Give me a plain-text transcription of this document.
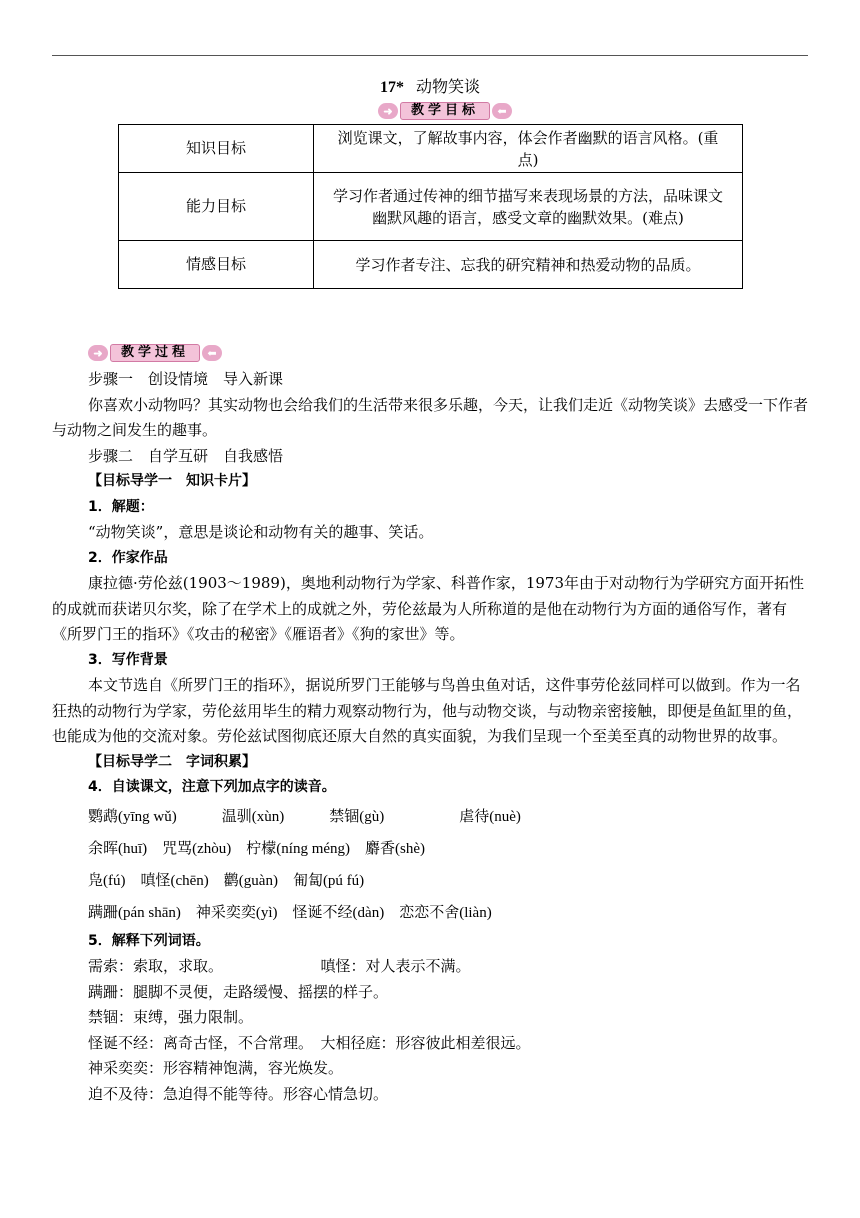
17* 动物笑谈
➜	教学目标	⬅
知识目标	浏览课文，了解故事内容，体会作者幽默的语言风格。(重点)
能力目标	学习作者通过传神的细节描写来表现场景的方法，品味课文幽默风趣的语言，感受文章的幽默效果。(难点)
情感目标	学习作者专注、忘我的研究精神和热爱动物的品质。
➜	教学过程	⬅

步骤一　创设情境　导入新课

你喜欢小动物吗？其实动物也会给我们的生活带来很多乐趣，今天，让我们走近《动物笑谈》去感受一下作者与动物之间发生的趣事。

步骤二　自学互研　自我感悟

【目标导学一　知识卡片】

1．解题：

“动物笑谈”，意思是谈论和动物有关的趣事、笑话。

2．作家作品

康拉德·劳伦兹(1903～1989)，奥地利动物行为学家、科普作家，1973年由于对动物行为学研究方面开拓性的成就而获诺贝尔奖，除了在学术上的成就之外，劳伦兹最为人所称道的是他在动物行为方面的通俗写作，著有《所罗门王的指环》《攻击的秘密》《雁语者》《狗的家世》等。

3．写作背景

本文节选自《所罗门王的指环》，据说所罗门王能够与鸟兽虫鱼对话，这件事劳伦兹同样可以做到。作为一名狂热的动物行为学家，劳伦兹用毕生的精力观察动物行为，他与动物交谈，与动物亲密接触，即便是鱼缸里的鱼，也能成为他的交流对象。劳伦兹试图彻底还原大自然的真实面貌，为我们呈现一个至美至真的动物世界的故事。

【目标导学二　字词积累】

4．自读课文，注意下列加点字的读音。

鹦鹉(yīng wǔ)　　　温驯(xùn)　　　禁锢(gù)　　　　　虐待(nuè)

余晖(huī)　咒骂(zhòu)　柠檬(níng méng)　麝香(shè)

凫(fú)　嗔怪(chēn)　鹳(guàn)　匍匐(pú fú)

蹒跚(pán shān)　神采奕奕(yì)　怪诞不经(dàn)　恋恋不舍(liàn)

5．解释下列词语。

需索：索取，求取。　　　　　　　嗔怪：对人表示不满。

蹒跚：腿脚不灵便，走路缓慢、摇摆的样子。

禁锢：束缚，强力限制。

怪诞不经：离奇古怪，不合常理。　大相径庭：形容彼此相差很远。

神采奕奕：形容精神饱满，容光焕发。

迫不及待：急迫得不能等待。形容心情急切。
